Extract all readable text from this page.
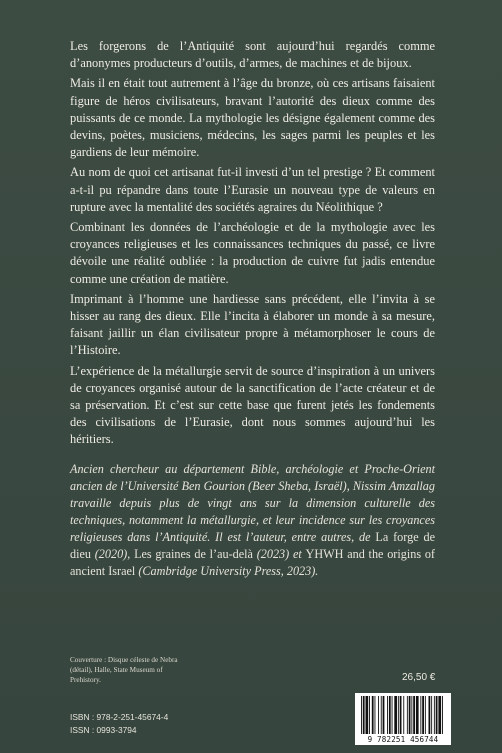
Les forgerons de l’Antiquité sont aujourd’hui regardés comme d’anonymes producteurs d’outils, d’armes, de machines et de bijoux.

Mais il en était tout autrement à l’âge du bronze, où ces artisans faisaient figure de héros civilisateurs, bravant l’autorité des dieux comme des puissants de ce monde. La mythologie les désigne également comme des devins, poètes, musiciens, médecins, les sages parmi les peuples et les gardiens de leur mémoire.

Au nom de quoi cet artisanat fut-il investi d’un tel prestige ? Et comment a-t-il pu répandre dans toute l’Eurasie un nouveau type de valeurs en rupture avec la mentalité des sociétés agraires du Néolithique ?

Combinant les données de l’archéologie et de la mythologie avec les croyances religieuses et les connaissances techniques du passé, ce livre dévoile une réalité oubliée : la production de cuivre fut jadis entendue comme une création de matière.

Imprimant à l’homme une hardiesse sans précédent, elle l’invita à se hisser au rang des dieux. Elle l’incita à élaborer un monde à sa mesure, faisant jaillir un élan civilisateur propre à métamorphoser le cours de l’Histoire.

L’expérience de la métallurgie servit de source d’inspiration à un univers de croyances organisé autour de la sanctification de l’acte créateur et de sa préservation. Et c’est sur cette base que furent jetés les fondements des civilisations de l’Eurasie, dont nous sommes aujourd’hui les héritiers.

Ancien chercheur au département Bible, archéologie et Proche-Orient ancien de l’Université Ben Gourion (Beer Sheba, Israël), Nissim Amzallag travaille depuis plus de vingt ans sur la dimension culturelle des techniques, notamment la métallurgie, et leur incidence sur les croyances religieuses dans l’Antiquité. Il est l’auteur, entre autres, de La forge de dieu (2020), Les graines de l’au-delà (2023) et YHWH and the origins of ancient Israel (Cambridge University Press, 2023).

Couverture : Disque céleste de Nebra (détail), Halle, State Museum of Prehistory.	26,50 €
ISBN : 978-2-251-45674-4
ISSN : 0993-3794
9 782251 456744
